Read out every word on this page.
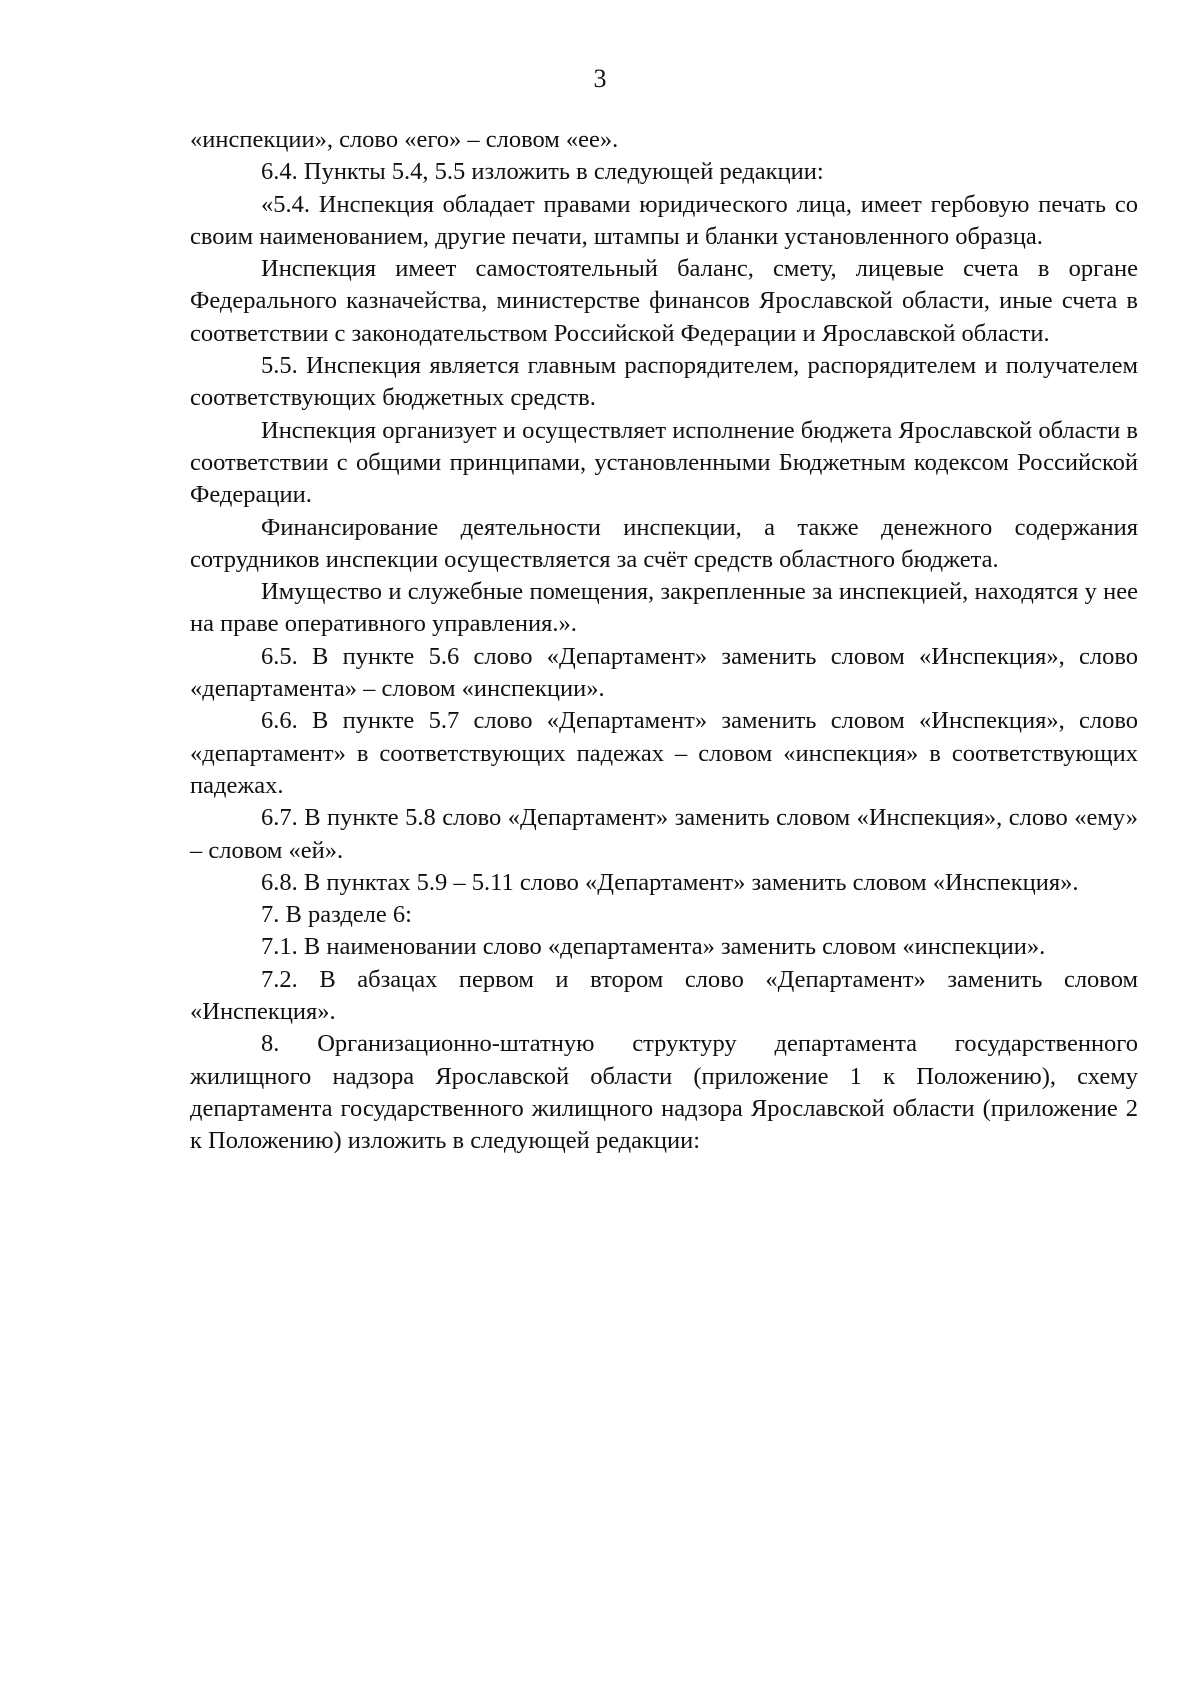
3

«инспекции», слово «его» – словом «ее».

6.4. Пункты 5.4, 5.5 изложить в следующей редакции:

«5.4. Инспекция обладает правами юридического лица, имеет гербовую печать со своим наименованием, другие печати, штампы и бланки установленного образца.

Инспекция имеет самостоятельный баланс, смету, лицевые счета в органе Федерального казначейства, министерстве финансов Ярославской области, иные счета в соответствии с законодательством Российской Федерации и Ярославской области.

5.5. Инспекция является главным распорядителем, распорядителем и получателем соответствующих бюджетных средств.

Инспекция организует и осуществляет исполнение бюджета Ярославской области в соответствии с общими принципами, установленными Бюджетным кодексом Российской Федерации.

Финансирование деятельности инспекции, а также денежного содержания сотрудников инспекции осуществляется за счёт средств областного бюджета.

Имущество и служебные помещения, закрепленные за инспекцией, находятся у нее на праве оперативного управления.».

6.5. В пункте 5.6 слово «Департамент» заменить словом «Инспекция», слово «департамента» – словом «инспекции».

6.6. В пункте 5.7 слово «Департамент» заменить словом «Инспекция», слово «департамент» в соответствующих падежах – словом «инспекция» в соответствующих падежах.

6.7. В пункте 5.8 слово «Департамент» заменить словом «Инспекция», слово «ему» – словом «ей».

6.8. В пунктах 5.9 – 5.11 слово «Департамент» заменить словом «Инспекция».

7. В разделе 6:

7.1. В наименовании слово «департамента» заменить словом «инспекции».

7.2. В абзацах первом и втором слово «Департамент» заменить словом «Инспекция».

8. Организационно-штатную структуру департамента государственного жилищного надзора Ярославской области (приложение 1 к Положению), схему департамента государственного жилищного надзора Ярославской области (приложение 2 к Положению) изложить в следующей редакции:
